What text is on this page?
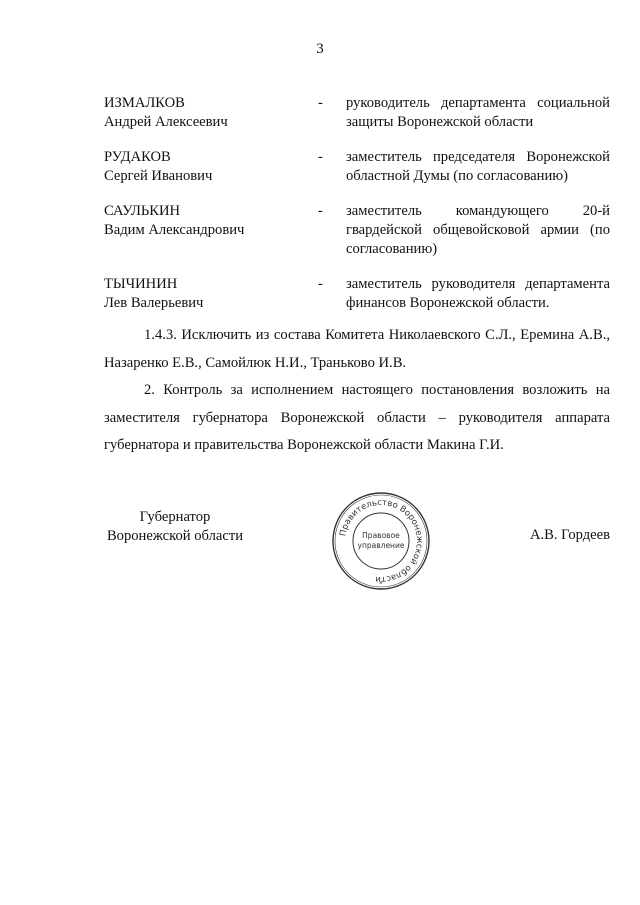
3
ИЗМАЛКОВ
Андрей Алексеевич
-	руководитель департамента социальной защиты Воронежской области
РУДАКОВ
Сергей Иванович
-	заместитель председателя Воронежской областной Думы (по согласованию)
САУЛЬКИН
Вадим Александрович
-	заместитель командующего 20-й гвардейской общевойсковой армии (по согласованию)
ТЫЧИНИН
Лев Валерьевич
-	заместитель руководителя департамента финансов Воронежской области.

1.4.3. Исключить из состава Комитета Николаевского С.Л., Еремина А.В., Назаренко Е.В., Самойлюк Н.И., Траньково И.В.

2. Контроль за исполнением настоящего постановления возложить на заместителя губернатора Воронежской области – руководителя аппарата губернатора и правительства Воронежской области Макина Г.И.

Губернатор
Воронежской области	Правительство Воронежской области
Правовое
управление
*
А.В. Гордеев
